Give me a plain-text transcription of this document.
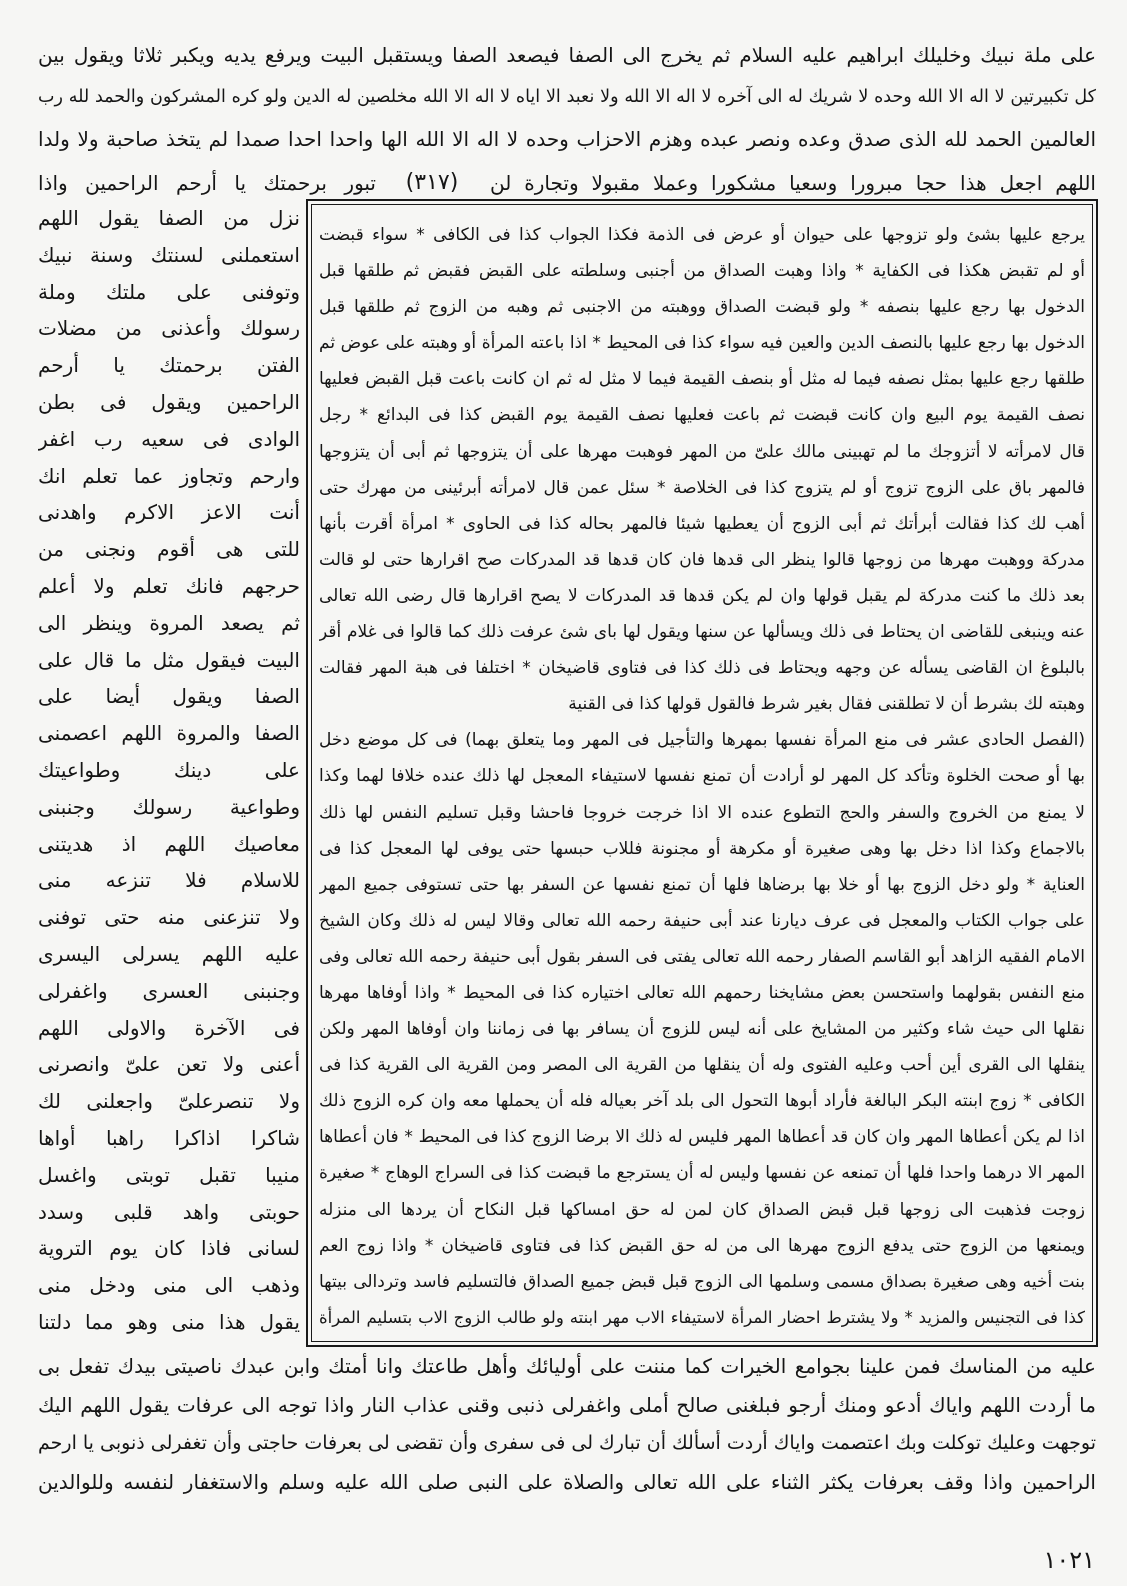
على ملة نبيك وخليلك ابراهيم عليه السلام ثم يخرج الى الصفا فيصعد الصفا ويستقبل البيت ويرفع يديه ويكبر ثلاثا ويقول بين
كل تكبيرتين لا اله الا الله وحده لا شريك له الى آخره لا اله الا الله ولا نعبد الا اياه لا اله الا الله مخلصين له الدين ولو كره المشركون والحمد لله رب
العالمين الحمد لله الذى صدق وعده ونصر عبده وهزم الاحزاب وحده لا اله الا الله الها واحدا احدا صمدا لم يتخذ صاحبة ولا ولدا
اللهم اجعل هذا حجا مبرورا وسعيا مشكورا وعملا مقبولا وتجارة لن
(٣١٧)
تبور برحمتك يا أرحم الراحمين واذا
يرجع عليها بشئ ولو تزوجها على حيوان أو عرض فى الذمة فكذا الجواب كذا فى الكافى * سواء قبضت
أو لم تقبض هكذا فى الكفاية * واذا وهبت الصداق من أجنبى وسلطته على القبض فقبض ثم طلقها قبل
الدخول بها رجع عليها بنصفه * ولو قبضت الصداق ووهبته من الاجنبى ثم وهبه من الزوج ثم طلقها قبل
الدخول بها رجع عليها بالنصف الدين والعين فيه سواء كذا فى المحيط * اذا باعته المرأة أو وهبته على عوض ثم
طلقها رجع عليها بمثل نصفه فيما له مثل أو بنصف القيمة فيما لا مثل له ثم ان كانت باعت قبل القبض فعليها
نصف القيمة يوم البيع وان كانت قبضت ثم باعت فعليها نصف القيمة يوم القبض كذا فى البدائع * رجل
قال لامرأته لا أتزوجك ما لم تهبينى مالك علىّ من المهر فوهبت مهرها على أن يتزوجها ثم أبى أن يتزوجها
فالمهر باق على الزوج تزوج أو لم يتزوج كذا فى الخلاصة * سئل عمن قال لامرأته أبرئينى من مهرك حتى
أهب لك كذا فقالت أبرأتك ثم أبى الزوج أن يعطيها شيئا فالمهر بحاله كذا فى الحاوى * امرأة أقرت بأنها
مدركة ووهبت مهرها من زوجها قالوا ينظر الى قدها فان كان قدها قد المدركات صح اقرارها حتى لو قالت
بعد ذلك ما كنت مدركة لم يقبل قولها وان لم يكن قدها قد المدركات لا يصح اقرارها قال رضى الله تعالى
عنه وينبغى للقاضى ان يحتاط فى ذلك ويسألها عن سنها ويقول لها باى شئ عرفت ذلك كما قالوا فى غلام أقر
بالبلوغ ان القاضى يسأله عن وجهه ويحتاط فى ذلك كذا فى فتاوى قاضيخان * اختلفا فى هبة المهر فقالت
وهبته لك بشرط أن لا تطلقنى فقال بغير شرط فالقول قولها كذا فى القنية
(الفصل الحادى عشر فى منع المرأة نفسها بمهرها والتأجيل فى المهر وما يتعلق بهما) فى كل موضع دخل
بها أو صحت الخلوة وتأكد كل المهر لو أرادت أن تمنع نفسها لاستيفاء المعجل لها ذلك عنده خلافا لهما وكذا
لا يمنع من الخروج والسفر والحج التطوع عنده الا اذا خرجت خروجا فاحشا وقبل تسليم النفس لها ذلك
بالاجماع وكذا اذا دخل بها وهى صغيرة أو مكرهة أو مجنونة فللاب حبسها حتى يوفى لها المعجل كذا فى
العناية * ولو دخل الزوج بها أو خلا بها برضاها فلها أن تمنع نفسها عن السفر بها حتى تستوفى جميع المهر
على جواب الكتاب والمعجل فى عرف ديارنا عند أبى حنيفة رحمه الله تعالى وقالا ليس له ذلك وكان الشيخ
الامام الفقيه الزاهد أبو القاسم الصفار رحمه الله تعالى يفتى فى السفر بقول أبى حنيفة رحمه الله تعالى وفى
منع النفس بقولهما واستحسن بعض مشايخنا رحمهم الله تعالى اختياره كذا فى المحيط * واذا أوفاها مهرها
نقلها الى حيث شاء وكثير من المشايخ على أنه ليس للزوج أن يسافر بها فى زماننا وان أوفاها المهر ولكن
ينقلها الى القرى أين أحب وعليه الفتوى وله أن ينقلها من القرية الى المصر ومن القرية الى القرية كذا فى
الكافى * زوج ابنته البكر البالغة فأراد أبوها التحول الى بلد آخر بعياله فله أن يحملها معه وان كره الزوج ذلك
اذا لم يكن أعطاها المهر وان كان قد أعطاها المهر فليس له ذلك الا برضا الزوج كذا فى المحيط * فان أعطاها
المهر الا درهما واحدا فلها أن تمنعه عن نفسها وليس له أن يسترجع ما قبضت كذا فى السراج الوهاج * صغيرة
زوجت فذهبت الى زوجها قبل قبض الصداق كان لمن له حق امساكها قبل النكاح أن يردها الى منزله
ويمنعها من الزوج حتى يدفع الزوج مهرها الى من له حق القبض كذا فى فتاوى قاضيخان * واذا زوج العم
بنت أخيه وهى صغيرة بصداق مسمى وسلمها الى الزوج قبل قبض جميع الصداق فالتسليم فاسد وتردالى بيتها
كذا فى التجنيس والمزيد * ولا يشترط احضار المرأة لاستيفاء الاب مهر ابنته ولو طالب الزوج الاب بتسليم المرأة
نزل من الصفا يقول اللهم
استعملنى لسنتك وسنة نبيك
وتوفنى على ملتك وملة
رسولك وأعذنى من مضلات
الفتن برحمتك يا أرحم
الراحمين ويقول فى بطن
الوادى فى سعيه رب اغفر
وارحم وتجاوز عما تعلم انك
أنت الاعز الاكرم واهدنى
للتى هى أقوم ونجنى من
حرجهم فانك تعلم ولا أعلم
ثم يصعد المروة وينظر الى
البيت فيقول مثل ما قال على
الصفا ويقول أيضا على
الصفا والمروة اللهم اعصمنى
على دينك وطواعيتك
وطواعية رسولك وجنبنى
معاصيك اللهم اذ هديتنى
للاسلام فلا تنزعه منى
ولا تنزعنى منه حتى توفنى
عليه اللهم يسرلى اليسرى
وجنبنى العسرى واغفرلى
فى الآخرة والاولى اللهم
أعنى ولا تعن علىّ وانصرنى
ولا تنصرعلىّ واجعلنى لك
شاكرا اذاكرا راهبا أواها
منيبا تقبل توبتى واغسل
حوبتى واهد قلبى وسدد
لسانى فاذا كان يوم التروية
وذهب الى منى ودخل منى
يقول هذا منى وهو مما دلتنا
عليه من المناسك فمن علينا بجوامع الخيرات كما مننت على أوليائك وأهل طاعتك وانا أمتك وابن عبدك ناصيتى بيدك تفعل بى
ما أردت اللهم واياك أدعو ومنك أرجو فبلغنى صالح أملى واغفرلى ذنبى وقنى عذاب النار واذا توجه الى عرفات يقول اللهم اليك
توجهت وعليك توكلت وبك اعتصمت واياك أردت أسألك أن تبارك لى فى سفرى وأن تقضى لى بعرفات حاجتى وأن تغفرلى ذنوبى يا ارحم
الراحمين واذا وقف بعرفات يكثر الثناء على الله تعالى والصلاة على النبى صلى الله عليه وسلم والاستغفار لنفسه وللوالدين
١٠٢١
